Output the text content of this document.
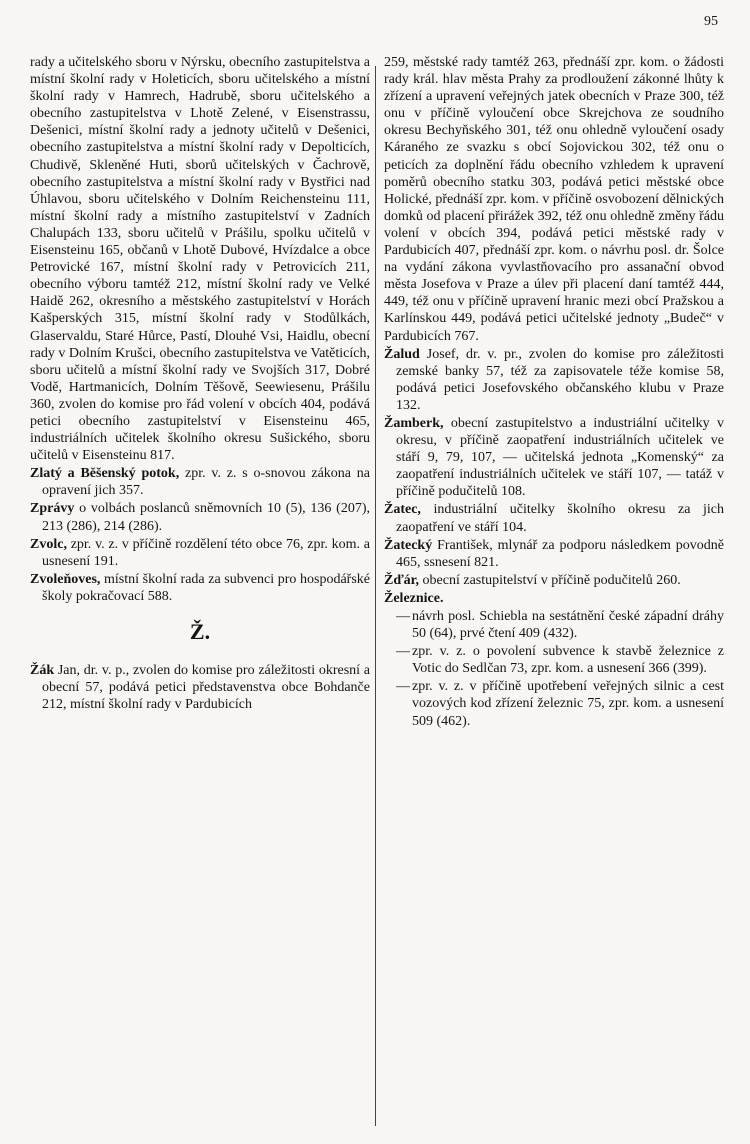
95

rady a učitelského sboru v Nýrsku, obecního zastupitelstva a místní školní rady v Holeticích, sboru učitelského a místní školní rady v Hamrech, Hadrubě, sboru učitelského a obecního zastupitelstva v Lhotě Zelené, v Eisenstrassu, Dešenici, místní školní rady a jednoty učitelů v Dešenici, obecního zastupitelstva a místní školní rady v Depolticích, Chudivě, Skleněné Huti, sborů učitelských v Čachrově, obecního zastupitelstva a místní školní rady v Bystřici nad Úhlavou, sboru učitelského v Dolním Reichensteinu 111, místní školní rady a místního zastupitelství v Zadních Chalupách 133, sboru učitelů v Prášilu, spolku učitelů v Eisensteinu 165, občanů v Lhotě Dubové, Hvízdalce a obce Petrovické 167, místní školní rady v Petrovicích 211, obecního výboru tamtéž 212, místní školní rady ve Velké Haidě 262, okresního a městského zastupitelství v Horách Kašperských 315, místní školní rady v Stodůlkách, Glaservaldu, Staré Hůrce, Pastí, Dlouhé Vsi, Haidlu, obecní rady v Dolním Krušci, obecního zastupitelstva ve Vatěticích, sboru učitelů a místní školní rady ve Svojších 317, Dobré Vodě, Hartmanicích, Dolním Těšově, Seewiesenu, Prášilu 360, zvolen do komise pro řád volení v obcích 404, podává petici obecního zastupitelství v Eisensteinu 465, industriálních učitelek školního okresu Sušického, sboru učitelů v Eisensteinu 817.

Zlatý a Běšenský potok, zpr. v. z. s o-snovou zákona na opravení jich 357.

Zprávy o volbách poslanců sněmovních 10 (5), 136 (207), 213 (286), 214 (286).

Zvolc, zpr. v. z. v příčině rozdělení této obce 76, zpr. kom. a usnesení 191.

Zvoleňoves, místní školní rada za subvenci pro hospodářské školy pokračovací 588.

Ž.

Žák Jan, dr. v. p., zvolen do komise pro záležitosti okresní a obecní 57, podává petici představenstva obce Bohdanče 212, místní školní rady v Pardubicích

259, městské rady tamtéž 263, přednáší zpr. kom. o žádosti rady král. hlav města Prahy za prodloužení zákonné lhůty k zřízení a upravení veřejných jatek obecních v Praze 300, též onu v příčině vyloučení obce Skrejchova ze soudního okresu Bechyňského 301, též onu ohledně vyloučení osady Káraného ze svazku s obcí Sojovickou 302, též onu o peticích za doplnění řádu obecního vzhledem k upravení poměrů obecního statku 303, podává petici městské obce Holické, přednáší zpr. kom. v příčině osvobození dělnických domků od placení přirážek 392, též onu ohledně změny řádu volení v obcích 394, podává petici městské rady v Pardubicích 407, přednáší zpr. kom. o návrhu posl. dr. Šolce na vydání zákona vyvlastňovacího pro assanační obvod města Josefova v Praze a úlev při placení daní tamtéž 444, 449, též onu v příčině upravení hranic mezi obcí Pražskou a Karlínskou 449, podává petici učitelské jednoty „Budeč“ v Pardubicích 767.

Žalud Josef, dr. v. pr., zvolen do komise pro záležitosti zemské banky 57, též za zapisovatele téže komise 58, podává petici Josefovského občanského klubu v Praze 132.

Žamberk, obecní zastupitelstvo a industriální učitelky v okresu, v příčině zaopatření industriálních učitelek ve stáří 9, 79, 107, — učitelská jednota „Komenský“ za zaopatření industriálních učitelek ve stáří 107, — tatáž v příčině podučitelů 108.

Žatec, industriální učitelky školního okresu za jich zaopatření ve stáří 104.

Žatecký František, mlynář za podporu následkem povodně 465, ssnesení 821.

Žďár, obecní zastupitelství v příčině podučitelů 260.

Železnice.

— návrh posl. Schiebla na sestátnění české západní dráhy 50 (64), prvé čtení 409 (432).

— zpr. v. z. o povolení subvence k stavbě železnice z Votic do Sedlčan 73, zpr. kom. a usnesení 366 (399).

— zpr. v. z. v příčině upotřebení veřejných silnic a cest vozových kod zřízení železnic 75, zpr. kom. a usnesení 509 (462).
